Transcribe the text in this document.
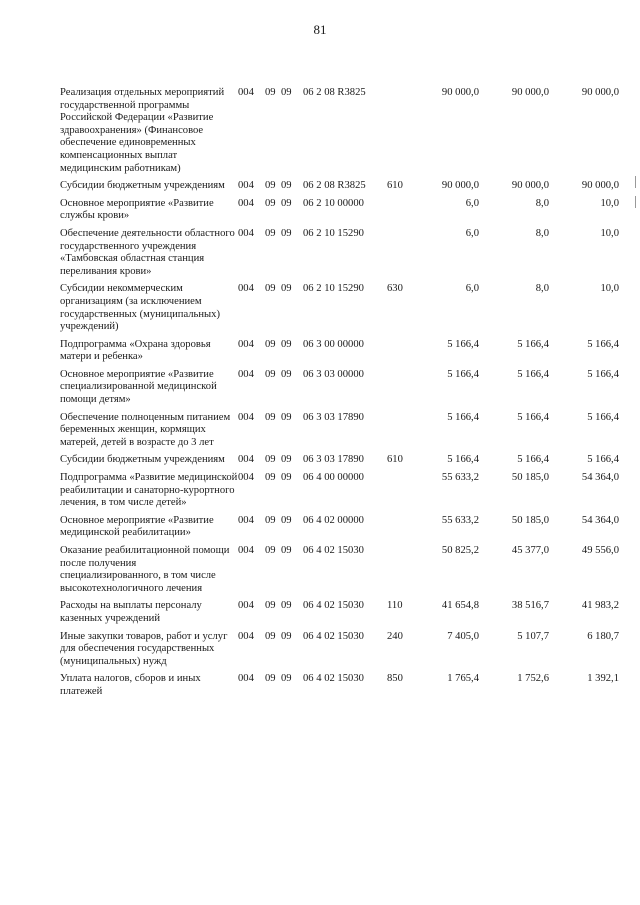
81
Реализация отдельных мероприятий государственной программы Российской Федерации «Развитие здравоохранения» (Финансовое обеспечение единовременных компенсационных выплат медицинским работникам)	004	09	09	06 2 08 R3825		90 000,0	90 000,0	90 000,0

Субсидии бюджетным учреждениям	004	09	09	06 2 08 R3825	610	90 000,0	90 000,0	90 000,0

Основное мероприятие «Развитие службы крови»	004	09	09	06 2 10 00000		6,0	8,0	10,0

Обеспечение деятельности областного государственного учреждения «Тамбовская областная станция переливания крови»	004	09	09	06 2 10 15290		6,0	8,0	10,0

Субсидии некоммерческим организациям (за исключением государственных (муниципальных) учреждений)	004	09	09	06 2 10 15290	630	6,0	8,0	10,0

Подпрограмма «Охрана здоровья матери и ребенка»	004	09	09	06 3 00 00000		5 166,4	5 166,4	5 166,4

Основное мероприятие «Развитие специализированной медицинской помощи детям»	004	09	09	06 3 03 00000		5 166,4	5 166,4	5 166,4

Обеспечение полноценным питанием беременных женщин, кормящих матерей, детей в возрасте до 3 лет	004	09	09	06 3 03 17890		5 166,4	5 166,4	5 166,4

Субсидии бюджетным учреждениям	004	09	09	06 3 03 17890	610	5 166,4	5 166,4	5 166,4

Подпрограмма «Развитие медицинской реабилитации и санаторно-курортного лечения, в том числе детей»	004	09	09	06 4 00 00000		55 633,2	50 185,0	54 364,0

Основное мероприятие «Развитие медицинской реабилитации»	004	09	09	06 4 02 00000		55 633,2	50 185,0	54 364,0

Оказание реабилитационной помощи после получения специализированного, в том числе высокотехнологичного лечения	004	09	09	06 4 02 15030		50 825,2	45 377,0	49 556,0

Расходы на выплаты персоналу казенных учреждений	004	09	09	06 4 02 15030	110	41 654,8	38 516,7	41 983,2

Иные закупки товаров, работ и услуг для обеспечения государственных (муниципальных) нужд	004	09	09	06 4 02 15030	240	7 405,0	5 107,7	6 180,7

Уплата налогов, сборов и иных платежей	004	09	09	06 4 02 15030	850	1 765,4	1 752,6	1 392,1
